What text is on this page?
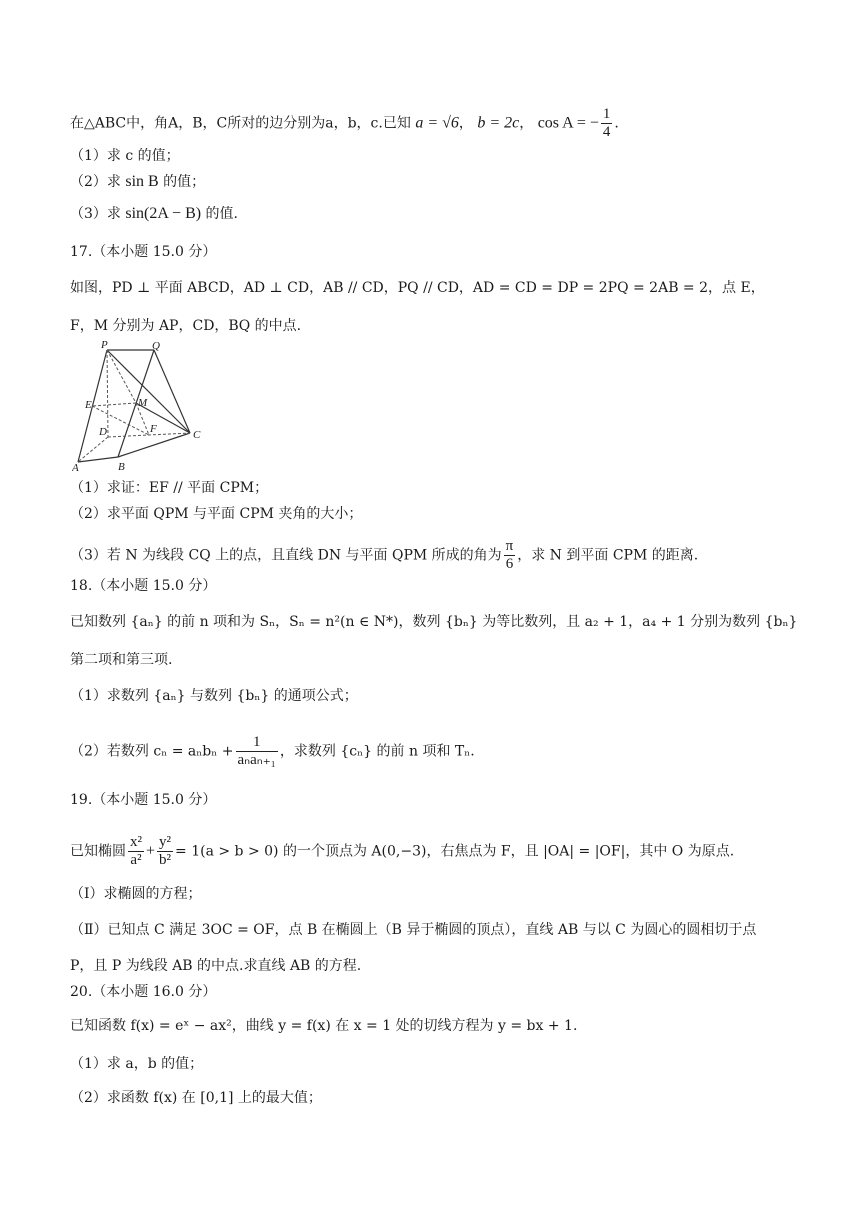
在△ABC中，角A，B，C所对的边分别为a，b，c.已知 a = √6， b = 2c， cos A = − $\frac{1}{4}$ .
（1）求 c 的值；
（2）求 sin B 的值；
（3）求 sin(2A − B) 的值.
17.（本小题 15.0 分）
如图，PD ⊥ 平面 ABCD，AD ⊥ CD，AB // CD，PQ // CD，AD = CD = DP = 2PQ = 2AB = 2，点 E，
F，M 分别为 AP，CD，BQ 的中点.
P	Q
E	M
D	F	C
A	B
（1）求证：EF // 平面 CPM；
（2）求平面 QPM 与平面 CPM 夹角的大小；
（3）若 N 为线段 CQ 上的点，且直线 DN 与平面 QPM 所成的角为 $\frac{\pi}{6}$ ，求 N 到平面 CPM 的距离.
18.（本小题 15.0 分）
已知数列 {aₙ} 的前 n 项和为 Sₙ，Sₙ = n²(n ∈ N*)，数列 {bₙ} 为等比数列，且 a₂ + 1，a₄ + 1 分别为数列 {bₙ}
第二项和第三项.
（1）求数列 {aₙ} 与数列 {bₙ} 的通项公式；
（2）若数列 $c_n = a_nb_n + \frac{1}{\text{aₙaₙ₊₁}}$ ，求数列 {cₙ} 的前 n 项和 Tₙ.
19.（本小题 15.0 分）
已知椭圆 $\frac{\text{x²}}{\text{a²}} + \frac{\text{y²}}{\text{b²}} = 1(a > b > 0)$ 的一个顶点为 A(0,−3)，右焦点为 F，且 |OA| = |OF|，其中 O 为原点.
（Ⅰ）求椭圆的方程；
（Ⅱ）已知点 C 满足 3OC = OF，点 B 在椭圆上（B 异于椭圆的顶点），直线 AB 与以 C 为圆心的圆相切于点
P，且 P 为线段 AB 的中点.求直线 AB 的方程.
20.（本小题 16.0 分）
已知函数 f(x) = eˣ − ax²，曲线 y = f(x) 在 x = 1 处的切线方程为 y = bx + 1.
（1）求 a，b 的值；
（2）求函数 f(x) 在 [0,1] 上的最大值；
